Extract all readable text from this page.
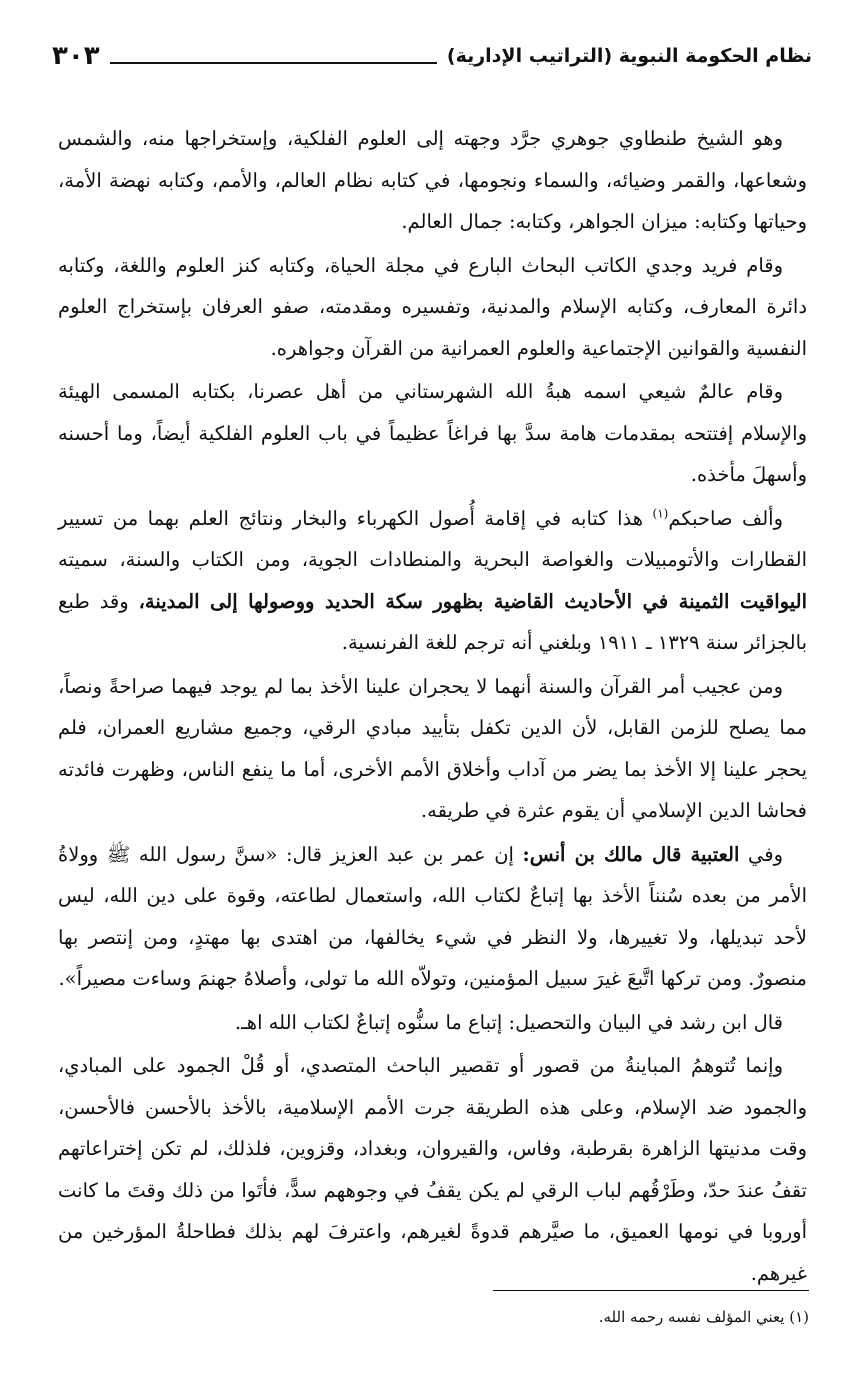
نظام الحكومة النبوية (التراتيب الإدارية)
٣٠٣

وهو الشيخ طنطاوي جوهري جرَّد وجهته إلى العلوم الفلكية، وإستخراجها منه، والشمس وشعاعها، والقمر وضيائه، والسماء ونجومها، في كتابه نظام العالم، والأمم، وكتابه نهضة الأمة، وحياتها وكتابه: ميزان الجواهر، وكتابه: جمال العالم.

وقام فريد وجدي الكاتب البحاث البارع في مجلة الحياة، وكتابه كنز العلوم واللغة، وكتابه دائرة المعارف، وكتابه الإسلام والمدنية، وتفسيره ومقدمته، صفو العرفان بإستخراج العلوم النفسية والقوانين الإجتماعية والعلوم العمرانية من القرآن وجواهره.

وقام عالمٌ شيعي اسمه هبةُ الله الشهرستاني من أهل عصرنا، بكتابه المسمى الهيئة والإسلام إفتتحه بمقدمات هامة سدَّ بها فراغاً عظيماً في باب العلوم الفلكية أيضاً، وما أحسنه وأسهلَ مأخذه.

وألف صاحبكم$^{(١)}$ هذا كتابه في إقامة أُصول الكهرباء والبخار ونتائج العلم بهما من تسيير القطارات والأتومبيلات والغواصة البحرية والمنطادات الجوية، ومن الكتاب والسنة، سميته اليواقيت الثمينة في الأحاديث القاضية بظهور سكة الحديد ووصولها إلى المدينة، وقد طبع بالجزائر سنة ١٣٢٩ ـ ١٩١١ وبلغني أنه ترجم للغة الفرنسية.

ومن عجيب أمر القرآن والسنة أنهما لا يحجران علينا الأخذ بما لم يوجد فيهما صراحةً ونصاً، مما يصلح للزمن القابل، لأن الدين تكفل بتأييد مبادي الرقي، وجميع مشاريع العمران، فلم يحجر علينا إلا الأخذ بما يضر من آداب وأخلاق الأمم الأخرى، أما ما ينفع الناس، وظهرت فائدته فحاشا الدين الإسلامي أن يقوم عثرة في طريقه.

وفي العتبية قال مالك بن أنس: إن عمر بن عبد العزيز قال: «سنَّ رسول الله ﷺ وولاةُ الأمر من بعده سُنناً الأخذ بها إتباعٌ لكتاب الله، واستعمال لطاعته، وقوة على دين الله، ليس لأحد تبديلها، ولا تغييرها، ولا النظر في شيء يخالفها، من اهتدى بها مهتدٍ، ومن إنتصر بها منصورٌ. ومن تركها اتَّبعَ غيرَ سبيل المؤمنين، وتولاّه الله ما تولى، وأصلاهُ جهنمَ وساءت مصيراً».

قال ابن رشد في البيان والتحصيل: إتباع ما سنُّوه إتباعٌ لكتاب الله اهـ.

وإنما تُتوهمُ المباينةُ من قصور أو تقصير الباحث المتصدي، أو قُلْ الجمود على المبادي، والجمود ضد الإسلام، وعلى هذه الطريقة جرت الأمم الإسلامية، بالأخذ بالأحسن فالأحسن، وقت مدنيتها الزاهرة بقرطبة، وفاس، والقيروان، وبغداد، وقزوين، فلذلك، لم تكن إختراعاتهم تقفُ عندَ حدّ، وطَرْقُهم لباب الرقي لم يكن يقفُ في وجوههم سدًّ، فأتَوا من ذلك وقتَ ما كانت أوروبا في نومها العميق، ما صيَّرهم قدوةً لغيرهم، واعترفَ لهم بذلك فطاحلةُ المؤرخين من غيرهم.

(١) يعني المؤلف نفسه رحمه الله.
